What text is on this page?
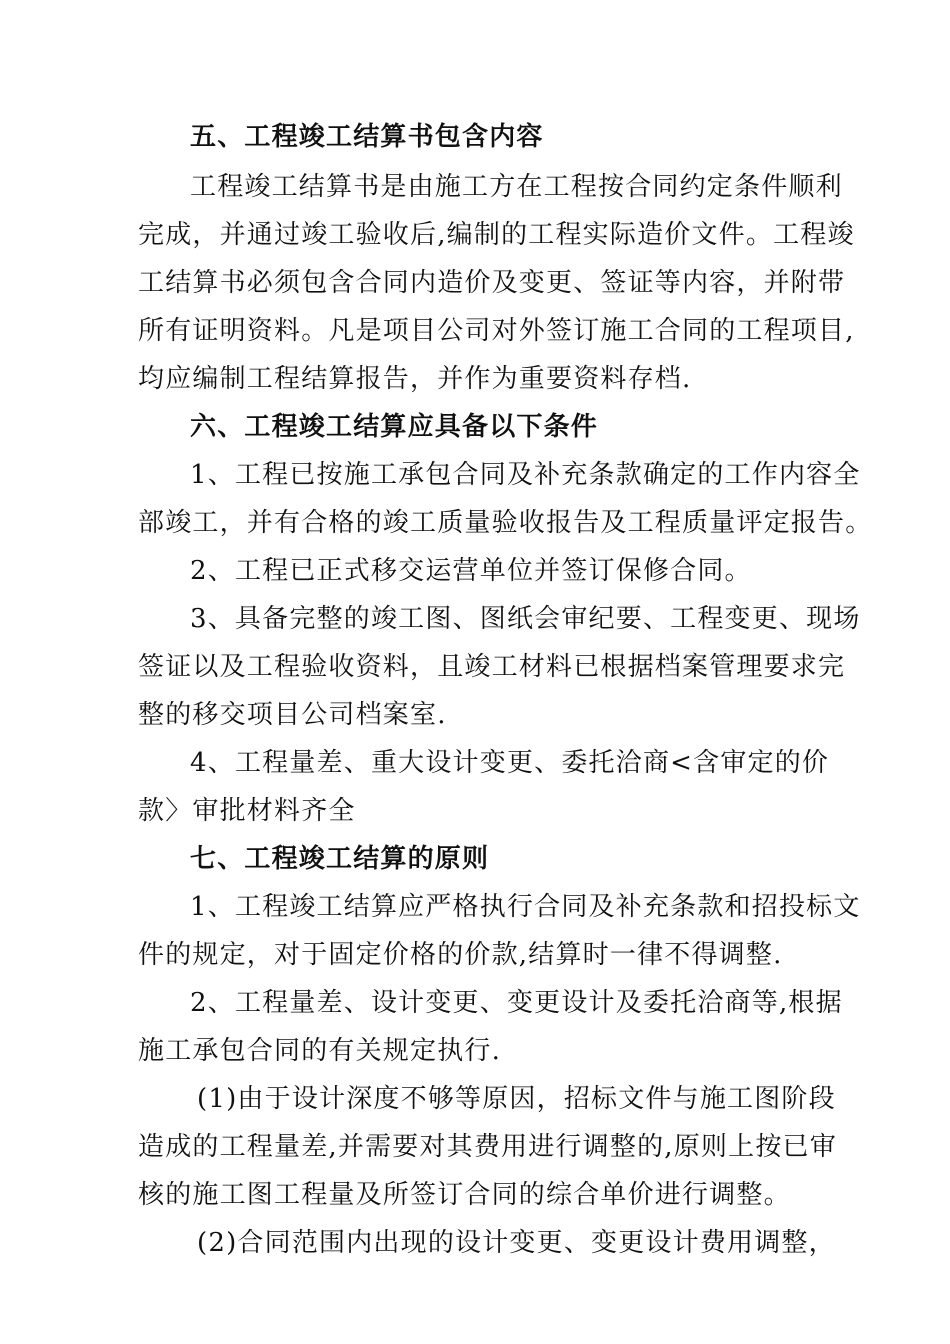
五、工程竣工结算书包含内容
工程竣工结算书是由施工方在工程按合同约定条件顺利
完成，并通过竣工验收后,编制的工程实际造价文件。工程竣
工结算书必须包含合同内造价及变更、签证等内容，并附带
所有证明资料。凡是项目公司对外签订施工合同的工程项目,
均应编制工程结算报告，并作为重要资料存档.
六、工程竣工结算应具备以下条件
1、工程已按施工承包合同及补充条款确定的工作内容全
部竣工，并有合格的竣工质量验收报告及工程质量评定报告。
2、工程已正式移交运营单位并签订保修合同。
3、具备完整的竣工图、图纸会审纪要、工程变更、现场
签证以及工程验收资料，且竣工材料已根据档案管理要求完
整的移交项目公司档案室.
4、工程量差、重大设计变更、委托洽商<含审定的价
款〉审批材料齐全
七、工程竣工结算的原则
1、工程竣工结算应严格执行合同及补充条款和招投标文
件的规定，对于固定价格的价款,结算时一律不得调整.
2、工程量差、设计变更、变更设计及委托洽商等,根据
施工承包合同的有关规定执行.
(1)由于设计深度不够等原因，招标文件与施工图阶段
造成的工程量差,并需要对其费用进行调整的,原则上按已审
核的施工图工程量及所签订合同的综合单价进行调整。
(2)合同范围内出现的设计变更、变更设计费用调整，
